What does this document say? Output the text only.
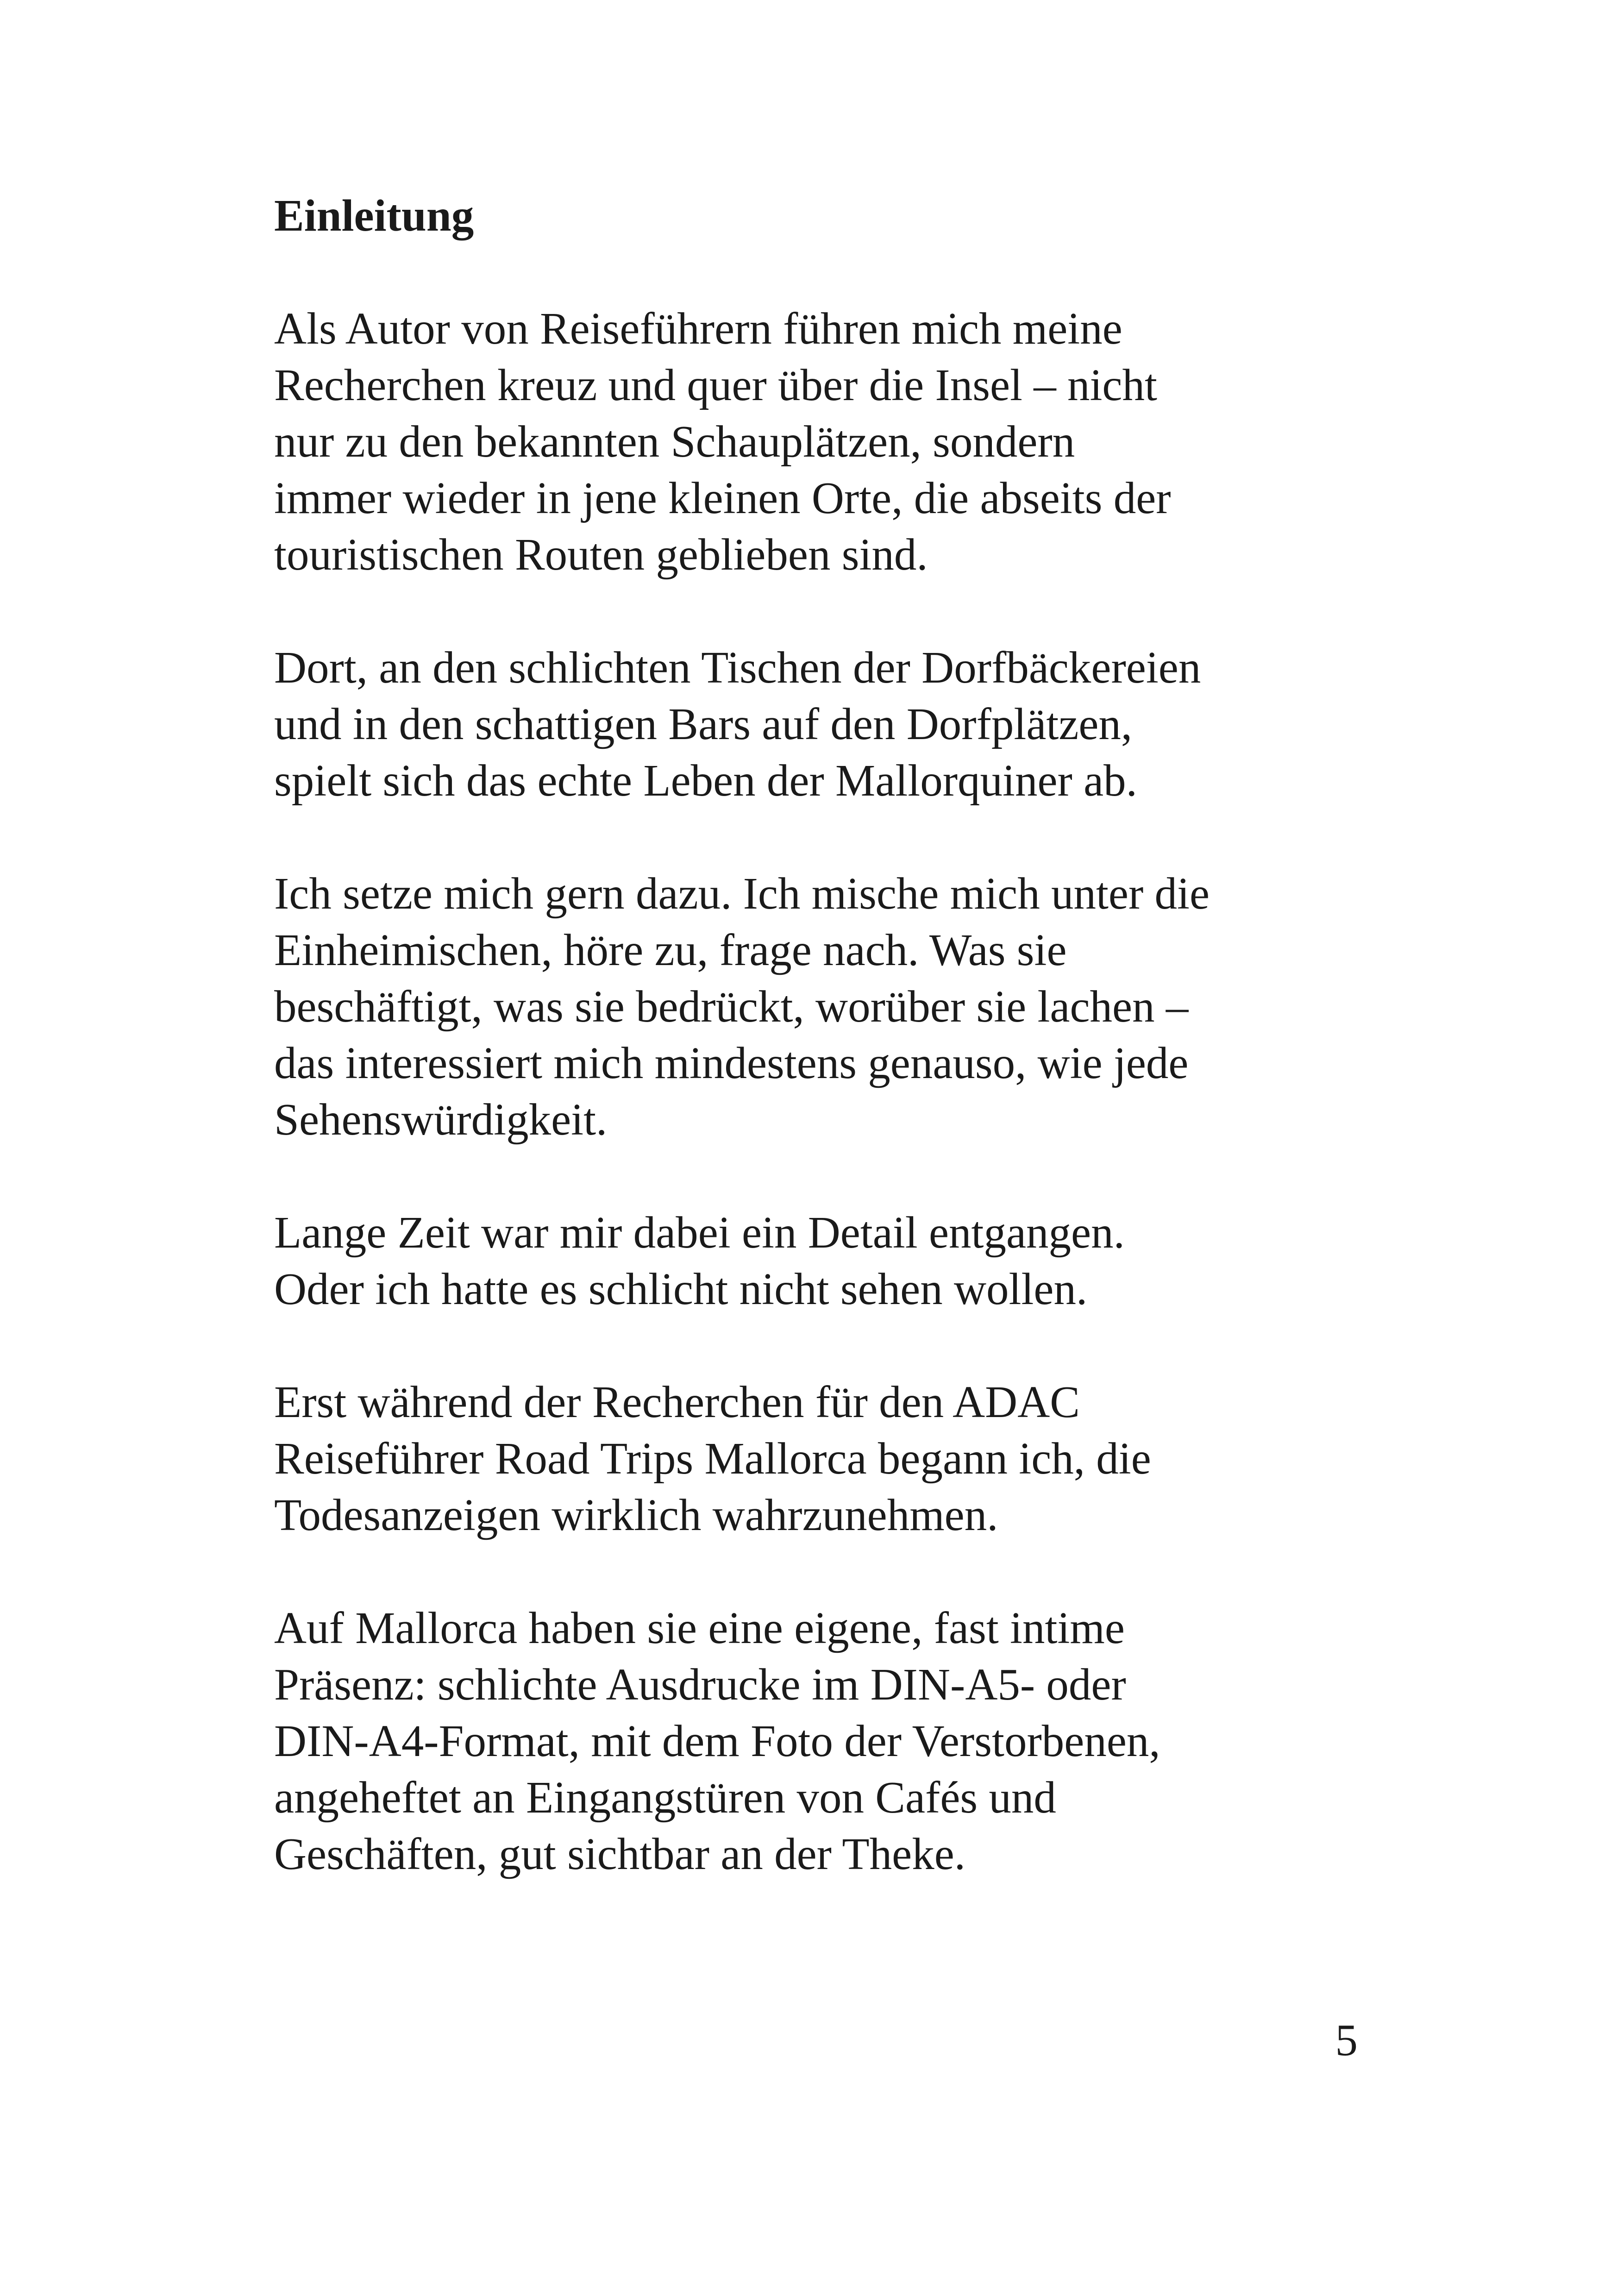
Einleitung

Als Autor von Reiseführern führen mich meine
Recherchen kreuz und quer über die Insel – nicht
nur zu den bekannten Schauplätzen, sondern
immer wieder in jene kleinen Orte, die abseits der
touristischen Routen geblieben sind.

Dort, an den schlichten Tischen der Dorfbäckereien
und in den schattigen Bars auf den Dorfplätzen,
spielt sich das echte Leben der Mallorquiner ab.

Ich setze mich gern dazu. Ich mische mich unter die
Einheimischen, höre zu, frage nach. Was sie
beschäftigt, was sie bedrückt, worüber sie lachen –
das interessiert mich mindestens genauso, wie jede
Sehenswürdigkeit.

Lange Zeit war mir dabei ein Detail entgangen.
Oder ich hatte es schlicht nicht sehen wollen.

Erst während der Recherchen für den ADAC
Reiseführer Road Trips Mallorca begann ich, die
Todesanzeigen wirklich wahrzunehmen.

Auf Mallorca haben sie eine eigene, fast intime
Präsenz: schlichte Ausdrucke im DIN-A5- oder
DIN-A4-Format, mit dem Foto der Verstorbenen,
angeheftet an Eingangstüren von Cafés und
Geschäften, gut sichtbar an der Theke.

5
